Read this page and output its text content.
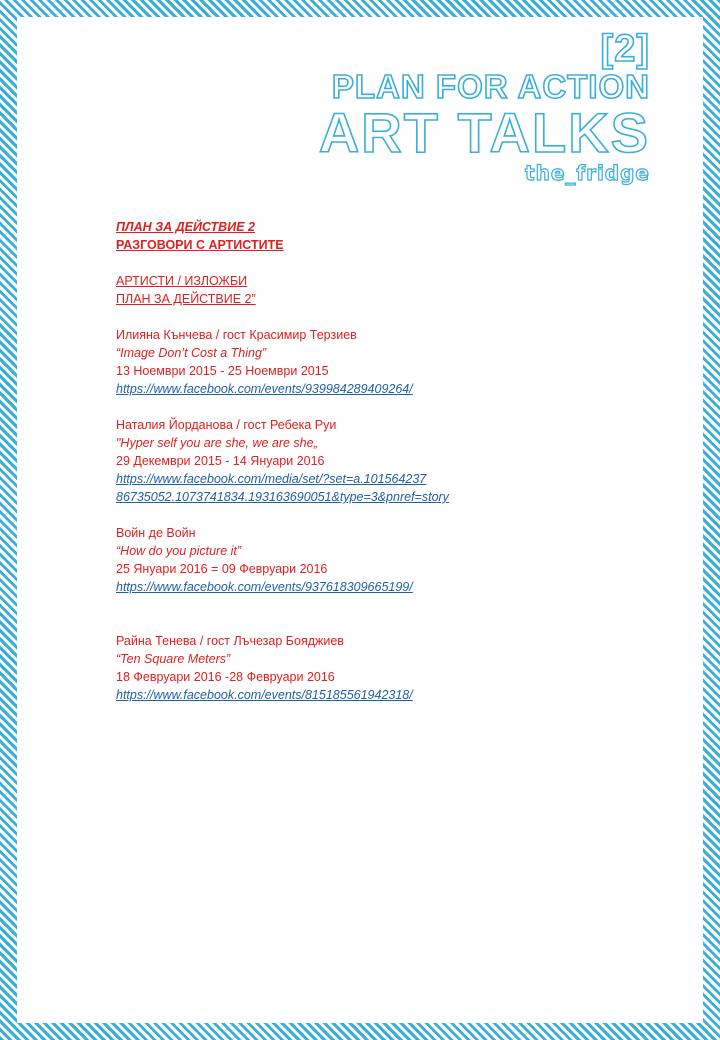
[2]
PLAN FOR ACTION
ART TALKS
the_fridge
ПЛАН ЗА ДЕЙСТВИЕ 2
РАЗГОВОРИ С АРТИСТИТЕ
АРТИСТИ / ИЗЛОЖБИ
ПЛАН ЗА ДЕЙСТВИЕ 2”
Илияна Кънчева / гост Красимир Терзиев
“Image Don’t Cost a Thing”
13 Ноември 2015 - 25 Ноември 2015
https://www.facebook.com/events/939984289409264/
Наталия Йорданова / гост Ребека Руи
"Hyper self you are she, we are she„
29 Декември 2015 - 14 Януари 2016
https://www.facebook.com/media/set/?set=a.101564237
86735052.1073741834.193163690051&type=3&pnref=story
Войн де Войн
“How do you picture it”
25 Януари 2016 = 09 Февруари 2016
https://www.facebook.com/events/937618309665199/
Райна Тенева / гост Лъчезар Бояджиев
“Ten Square Meters”
18 Февруари 2016 -28 Февруари 2016
https://www.facebook.com/events/815185561942318/
